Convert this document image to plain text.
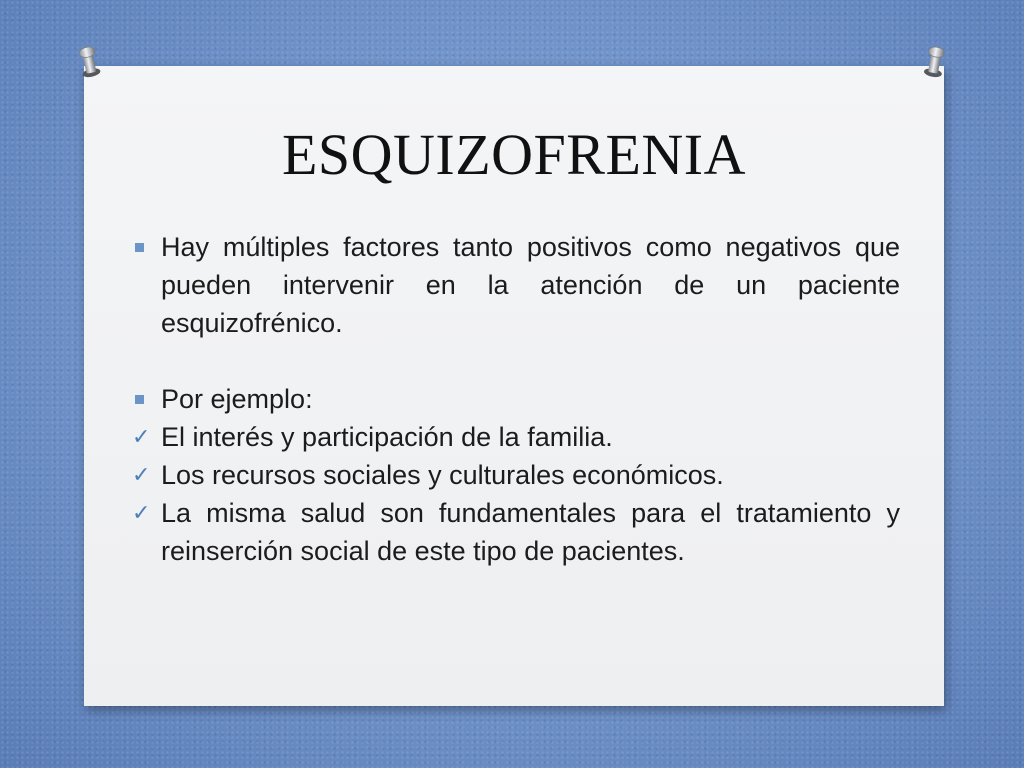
ESQUIZOFRENIA
Hay múltiples factores tanto positivos como negativos que pueden intervenir en la atención de un paciente esquizofrénico.
Por ejemplo:
✓ El interés y participación de la familia.
✓ Los recursos sociales y culturales económicos.
✓ La misma salud son fundamentales para el tratamiento y reinserción social de este tipo de pacientes.
